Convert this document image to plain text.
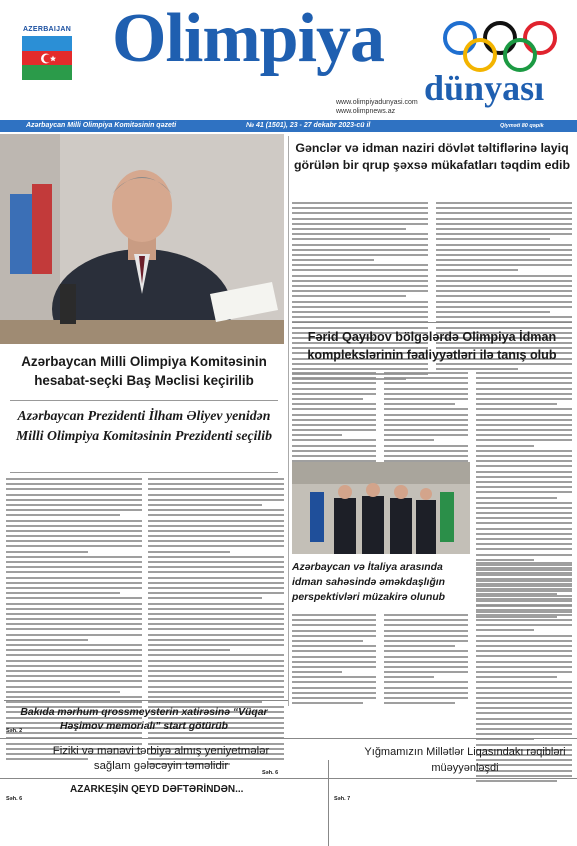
AZERBAIJAN Olimpiya
dünyası
www.olimpiyadunyasi.com
www.olimpnews.az
Azərbaycan Milli Olimpiya Komitəsinin qəzeti	№ 41 (1501), 23 - 27 dekabr 2023-cü il	Qiyməti 80 qəpik
Gənclər və idman naziri dövlət təltiflərinə layiq görülən bir qrup şəxsə mükafatları təqdim edib
Azərbaycan Milli Olimpiya Komitəsinin hesabat-seçki Baş Məclisi keçirilib
Azərbaycan Prezidenti İlham Əliyev yenidən Milli Olimpiya Komitəsinin Prezidenti seçilib
Fərid Qayıbov bölgələrdə Olimpiya İdman komplekslərinin fəaliyyətləri ilə tanış olub
Azərbaycan və İtaliya arasında idman sahəsində əməkdaşlığın perspektivləri müzakirə olunub
Bakıda mərhum qrossmeysterin xatirəsinə “Vüqar Həşimov memorialı” start götürüb
Səh. 2
Fiziki və mənəvi tərbiyə almış yeniyetmələr sağlam gələcəyin təmǝlidir
Səh. 6
AZARKEŞİN QEYD DƏFTƏRİNDƏN...
Səh. 6
Yığmamızın Millətlər Liqasındakı rəqibləri müəyyənləşdi
Səh. 7
